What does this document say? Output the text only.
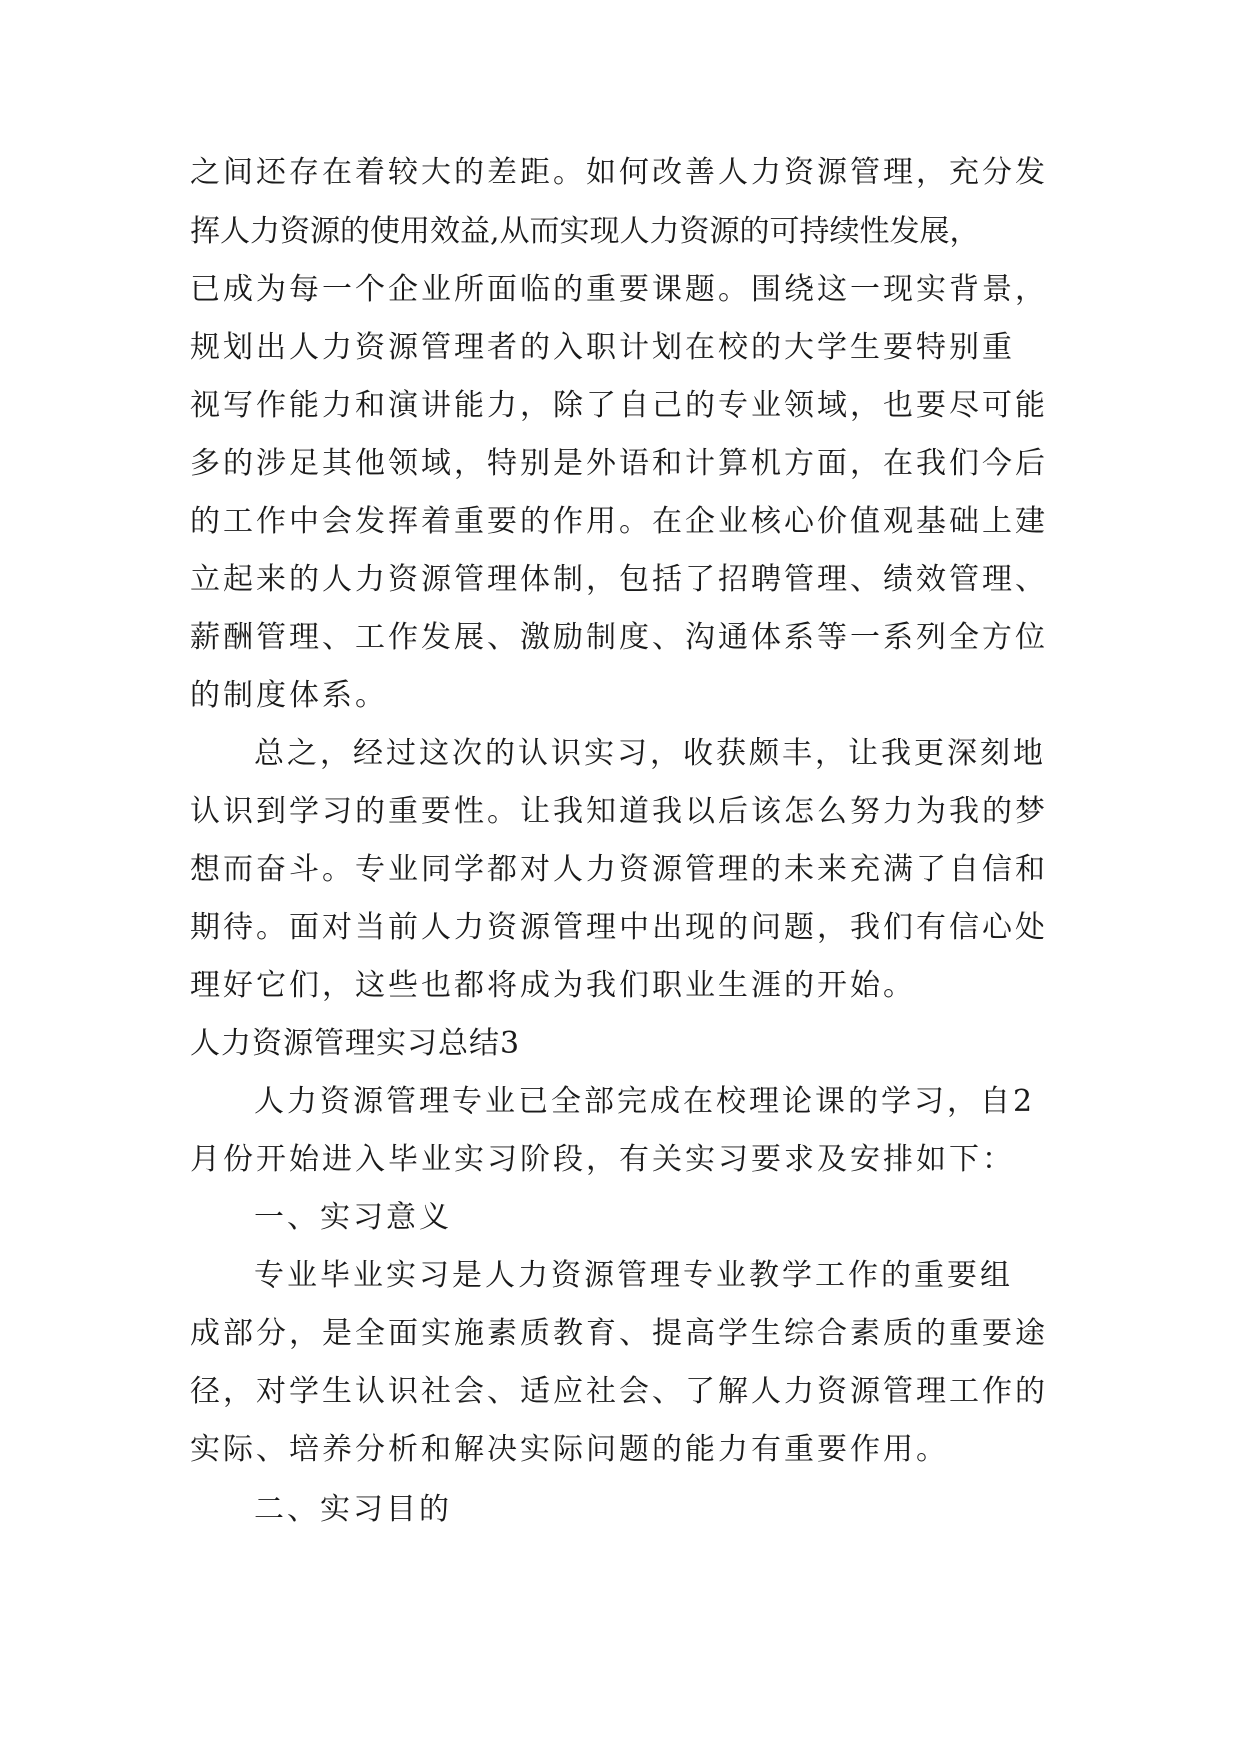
之间还存在着较大的差距。如何改善人力资源管理，充分发

挥人力资源的使用效益,从而实现人力资源的可持续性发展，

已成为每一个企业所面临的重要课题。围绕这一现实背景，

规划出人力资源管理者的入职计划在校的大学生要特别重

视写作能力和演讲能力，除了自己的专业领域，也要尽可能

多的涉足其他领域，特别是外语和计算机方面，在我们今后

的工作中会发挥着重要的作用。在企业核心价值观基础上建

立起来的人力资源管理体制，包括了招聘管理、绩效管理、

薪酬管理、工作发展、激励制度、沟通体系等一系列全方位

的制度体系。

总之，经过这次的认识实习，收获颇丰，让我更深刻地

认识到学习的重要性。让我知道我以后该怎么努力为我的梦

想而奋斗。专业同学都对人力资源管理的未来充满了自信和

期待。面对当前人力资源管理中出现的问题，我们有信心处

理好它们，这些也都将成为我们职业生涯的开始。

人力资源管理实习总结3

人力资源管理专业已全部完成在校理论课的学习，自2

月份开始进入毕业实习阶段，有关实习要求及安排如下：

一、实习意义

专业毕业实习是人力资源管理专业教学工作的重要组

成部分，是全面实施素质教育、提高学生综合素质的重要途

径，对学生认识社会、适应社会、了解人力资源管理工作的

实际、培养分析和解决实际问题的能力有重要作用。

二、实习目的
